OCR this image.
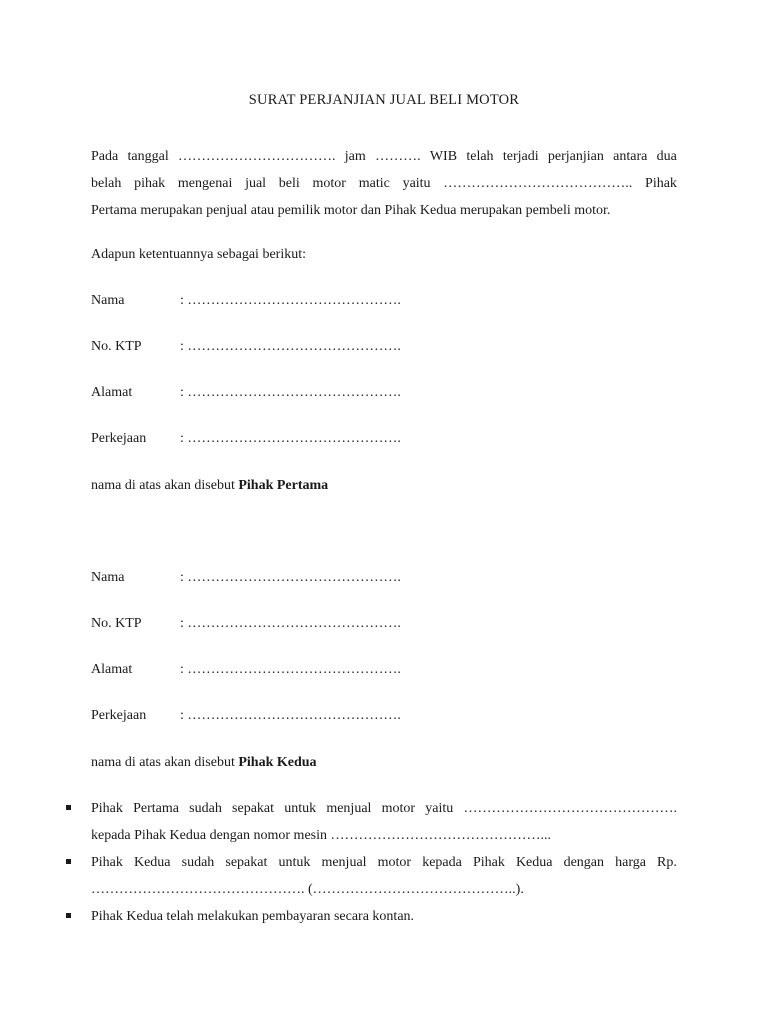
SURAT PERJANJIAN JUAL BELI MOTOR
Pada tanggal ……………………………. jam ………. WIB telah terjadi perjanjian antara dua
belah pihak mengenai jual beli motor matic yaitu ………………………………….. Pihak
Pertama merupakan penjual atau pemilik motor dan Pihak Kedua merupakan pembeli motor.
Adapun ketentuannya sebagai berikut:
Nama	: ……………………………………….
No. KTP	: ……………………………………….
Alamat	: ……………………………………….
Perkejaan : ……………………………………….
nama di atas akan disebut Pihak Pertama
Nama	: ……………………………………….
No. KTP	: ……………………………………….
Alamat	: ……………………………………….
Perkejaan : ……………………………………….
nama di atas akan disebut Pihak Kedua
Pihak Pertama sudah sepakat untuk menjual motor yaitu ……………………………………….
kepada Pihak Kedua dengan nomor mesin ………………………………………...
Pihak Kedua sudah sepakat untuk menjual motor kepada Pihak Kedua dengan harga Rp.
………………………………………. (……………………………………..).
Pihak Kedua telah melakukan pembayaran secara kontan.
